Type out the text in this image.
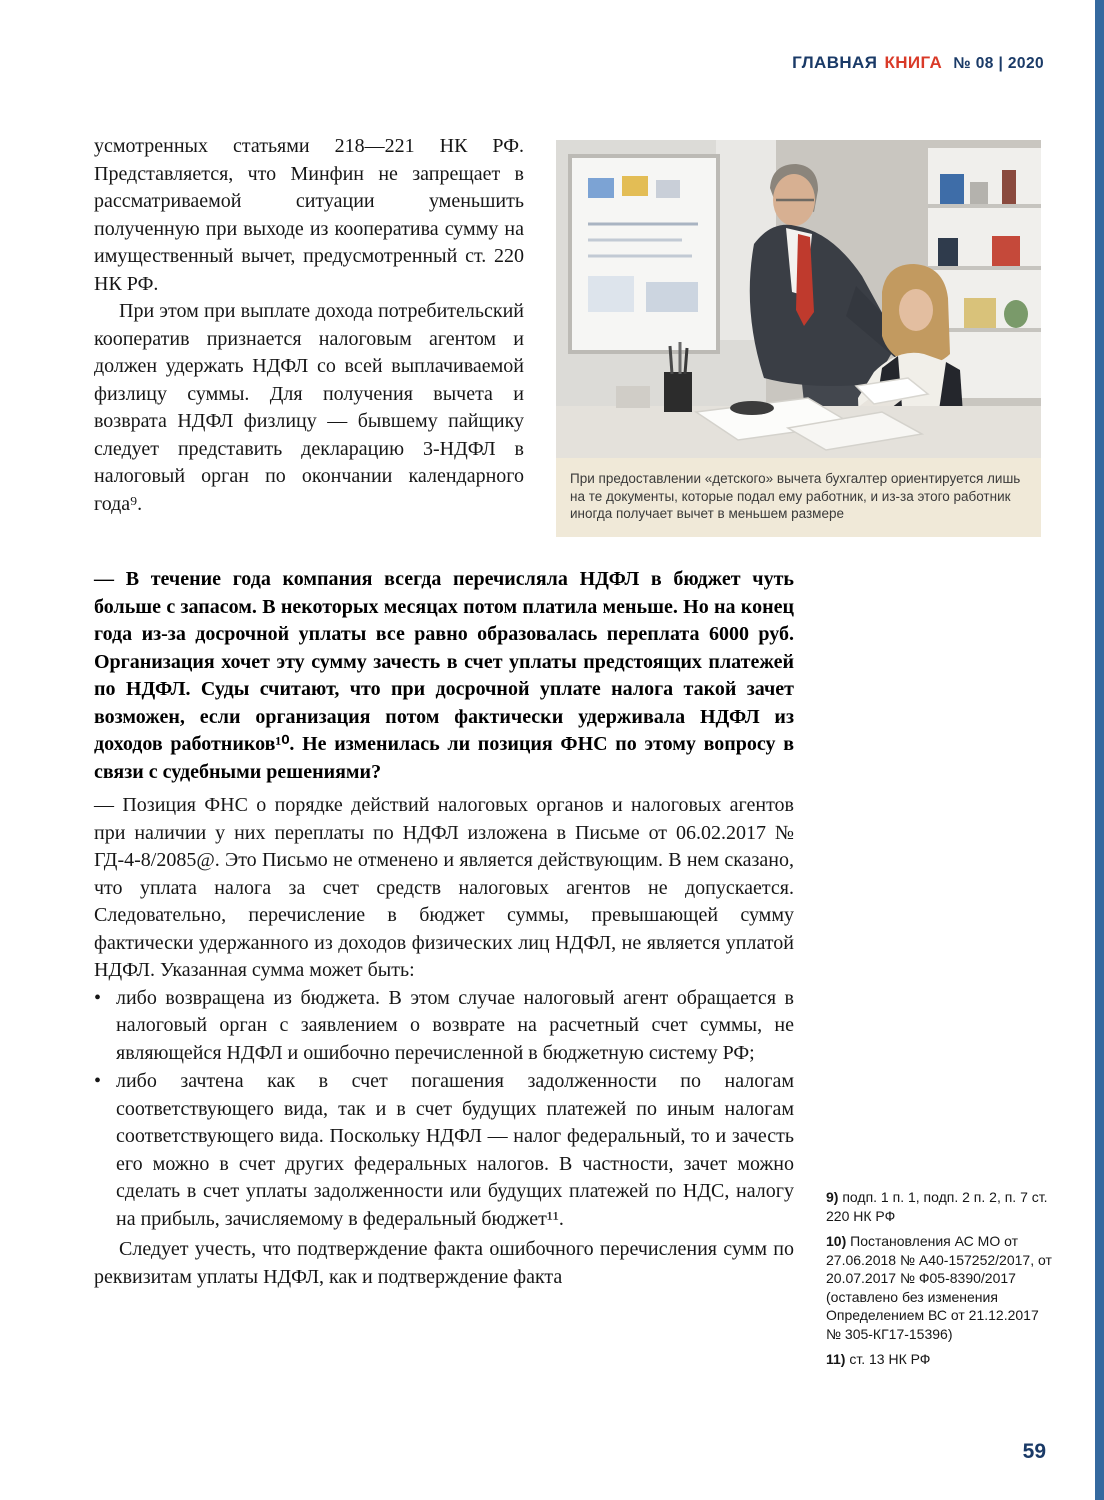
ГЛАВНАЯ КНИГА № 08 | 2020

усмотренных статьями 218—221 НК РФ. Представляется, что Минфин не запрещает в рассматриваемой ситуации уменьшить полученную при выходе из кооператива сумму на имущественный вычет, предусмотренный ст. 220 НК РФ.

При этом при выплате дохода потребительский кооператив признается налоговым агентом и должен удержать НДФЛ со всей выплачиваемой физлицу суммы. Для получения вычета и возврата НДФЛ физлицу — бывшему пайщику следует представить декларацию 3-НДФЛ в налоговый орган по окончании календарного года⁹.

При предоставлении «детского» вычета бухгалтер ориентируется лишь на те документы, которые подал ему работник, и из-за этого работник иногда получает вычет в меньшем размере

— В течение года компания всегда перечисляла НДФЛ в бюджет чуть больше с запасом. В некоторых месяцах потом платила меньше. Но на конец года из-за досрочной уплаты все равно образовалась переплата 6000 руб. Организация хочет эту сумму зачесть в счет уплаты предстоящих платежей по НДФЛ. Суды считают, что при досрочной уплате налога такой зачет возможен, если организация потом фактически удерживала НДФЛ из доходов работников¹⁰. Не изменилась ли позиция ФНС по этому вопросу в связи с судебными решениями?

— Позиция ФНС о порядке действий налоговых органов и налоговых агентов при наличии у них переплаты по НДФЛ изложена в Письме от 06.02.2017 № ГД-4-8/2085@. Это Письмо не отменено и является действующим. В нем сказано, что уплата налога за счет средств налоговых агентов не допускается. Следовательно, перечисление в бюджет суммы, превышающей сумму фактически удержанного из доходов физических лиц НДФЛ, не является уплатой НДФЛ. Указанная сумма может быть:

• либо возвращена из бюджета. В этом случае налоговый агент обращается в налоговый орган с заявлением о возврате на расчетный счет суммы, не являющейся НДФЛ и ошибочно перечисленной в бюджетную систему РФ;
• либо зачтена как в счет погашения задолженности по налогам соответствующего вида, так и в счет будущих платежей по иным налогам соответствующего вида. Поскольку НДФЛ — налог федеральный, то и зачесть его можно в счет других федеральных налогов. В частности, зачет можно сделать в счет уплаты задолженности или будущих платежей по НДС, налогу на прибыль, зачисляемому в федеральный бюджет¹¹.

Следует учесть, что подтверждение факта ошибочного перечисления сумм по реквизитам уплаты НДФЛ, как и подтверждение факта

9) подп. 1 п. 1, подп. 2 п. 2, п. 7 ст. 220 НК РФ

10) Постановления АС МО от 27.06.2018 № А40-157252/2017, от 20.07.2017 № Ф05-8390/2017 (оставлено без изменения Определением ВС от 21.12.2017 № 305-КГ17-15396)

11) ст. 13 НК РФ

59
